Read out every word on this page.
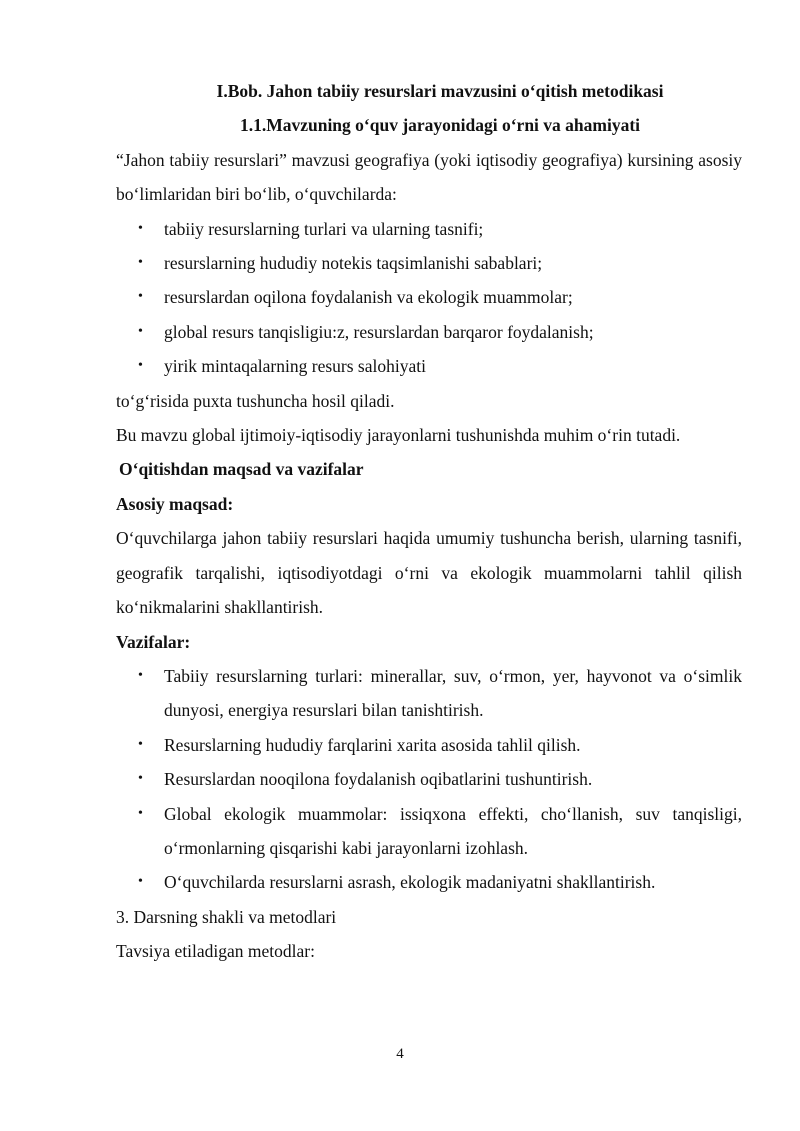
I.Bob. Jahon tabiiy resurslari mavzusini o‘qitish metodikasi

1.1.Mavzuning o‘quv jarayonidagi o‘rni va ahamiyati

“Jahon tabiiy resurslari” mavzusi geografiya (yoki iqtisodiy geografiya) kursining asosiy bo‘limlaridan biri bo‘lib, o‘quvchilarda:

• tabiiy resurslarning turlari va ularning tasnifi;
• resurslarning hududiy notekis taqsimlanishi sabablari;
• resurslardan oqilona foydalanish va ekologik muammolar;
• global resurs tanqisligiu:z, resurslardan barqaror foydalanish;
• yirik mintaqalarning resurs salohiyati

to‘g‘risida puxta tushuncha hosil qiladi.

Bu mavzu global ijtimoiy-iqtisodiy jarayonlarni tushunishda muhim o‘rin tutadi.

O‘qitishdan maqsad va vazifalar

Asosiy maqsad:

O‘quvchilarga jahon tabiiy resurslari haqida umumiy tushuncha berish, ularning tasnifi, geografik tarqalishi, iqtisodiyotdagi o‘rni va ekologik muammolarni tahlil qilish ko‘nikmalarini shakllantirish.

Vazifalar:

• Tabiiy resurslarning turlari: minerallar, suv, o‘rmon, yer, hayvonot va o‘simlik dunyosi, energiya resurslari bilan tanishtirish.
• Resurslarning hududiy farqlarini xarita asosida tahlil qilish.
• Resurslardan nooqilona foydalanish oqibatlarini tushuntirish.
• Global ekologik muammolar: issiqxona effekti, cho‘llanish, suv tanqisligi, o‘rmonlarning qisqarishi kabi jarayonlarni izohlash.
• O‘quvchilarda resurslarni asrash, ekologik madaniyatni shakllantirish.

3. Darsning shakli va metodlari

Tavsiya etiladigan metodlar:

4
